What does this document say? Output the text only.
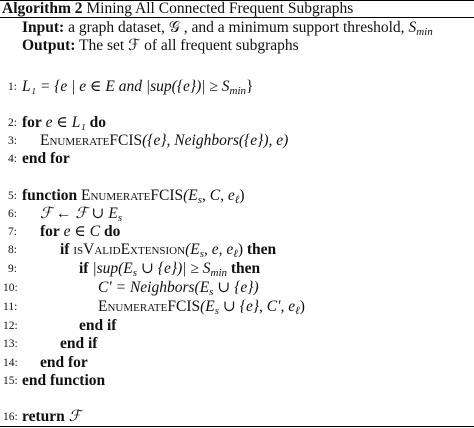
Algorithm 2 Mining All Connected Frequent Subgraphs
Input: a graph dataset, 𝒢 , and a minimum support threshold, $S_{min}$
Output: The set ℱ of all frequent subgraphs
1: L₁ = {e | e ∈ E and $|sup(\{e\})| \ge S_{min}$}
2: for e ∈ L₁ do
3: EnumerateFCIS({e}, Neighbors({e}), e)
4: end for
5: function $EnumerateFCIS(E_s$, C, $e_\ell$)
6: ℱ ← ℱ ∪ $E_s$
7: for e ∈ C do
8:	if $isValidExtension(E_s$, e, $e_\ell$) then
9:	if $|sup(E_s$ ∪ $\{e\})| \ge S_{min}$ then
10:	$C' = Neighbors(E_s$ ∪ {e})
11:	$EnumerateFCIS(E_s$ ∪ {e}, C′, $e_\ell$)
12:	end if
13:	end if
14: end for
15: end function
16: return ℱ
